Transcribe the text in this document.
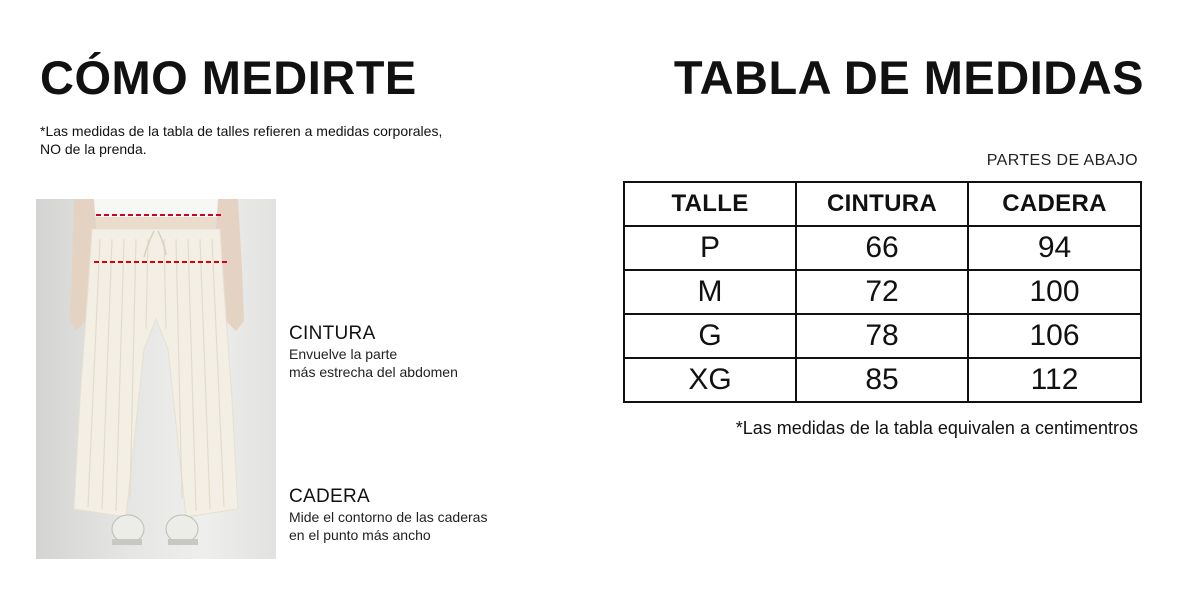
CÓMO MEDIRTE	TABLA DE MEDIDAS
*Las medidas de la tabla de talles refieren a medidas corporales,
NO de la prenda.
CINTURA
Envuelve la parte
más estrecha del abdomen
CADERA
Mide el contorno de las caderas
en el punto más ancho
PARTES DE ABAJO
TALLE	CINTURA	CADERA
P	66	94
M	72	100
G	78	106
XG	85	112
*Las medidas de la tabla equivalen a centimentros
